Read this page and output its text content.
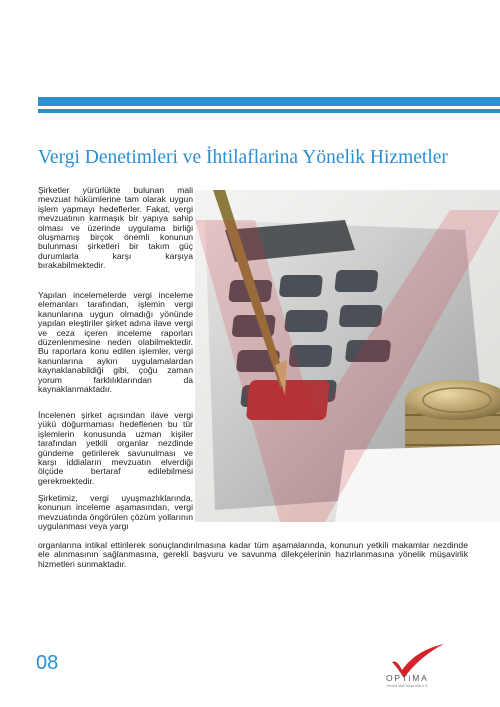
Vergi Denetimleri ve İhtilaflarina Yönelik Hizmetler

Şirketler yürürlükte bulunan mali mevzuat hükümlerine tam olarak uygun işlem yapmayı hedeflerler. Fakat, vergi mevzuatının karmaşık bir yapıya sahip olması ve üzerinde uygulama birliği oluşmamış birçok önemli konunun bulunması şirketleri bir takım güç durumlarla karşı karşıya bırakabilmektedir.

Yapılan incelemelerde vergi inceleme elemanları tarafından, işlemin vergi kanunlarına uygun olmadığı yönünde yapılan eleştiriler şirket adına ilave vergi ve ceza içeren inceleme raporları düzenlenmesine neden olabilmektedir. Bu raporlara konu edilen işlemler, vergi kanunlarına aykırı uygulamalardan kaynaklanabildiği gibi, çoğu zaman yorum farklılıklarından da kaynaklanmaktadır.

İncelenen şirket açısından ilave vergi yükü doğurmaması hedeflenen bu tür işlemlerin konusunda uzman kişiler tarafından yetkili organlar nezdinde gündeme getirilerek savunulması ve karşı iddiaların mevzuatın elverdiği ölçüde bertaraf edilebilmesi gerekmektedir.

Şirketimiz, vergi uyuşmazlıklarında, konunun inceleme aşamasından, vergi mevzuatında öngörülen çözüm yollarının uygulanması veya yargı

organlarına intikal ettirilerek sonuçlandırılmasına kadar tüm aşamalarında, konunun yetkili makamlar nezdinde ele alınmasının sağlanmasına, gerekli başvuru ve savunma dilekçelerinin hazırlanmasına yönelik müşavirlik hizmetleri sunmaktadır.

08
OPTiMA
Yeminli Mali Müşavirlik A.Ş.
